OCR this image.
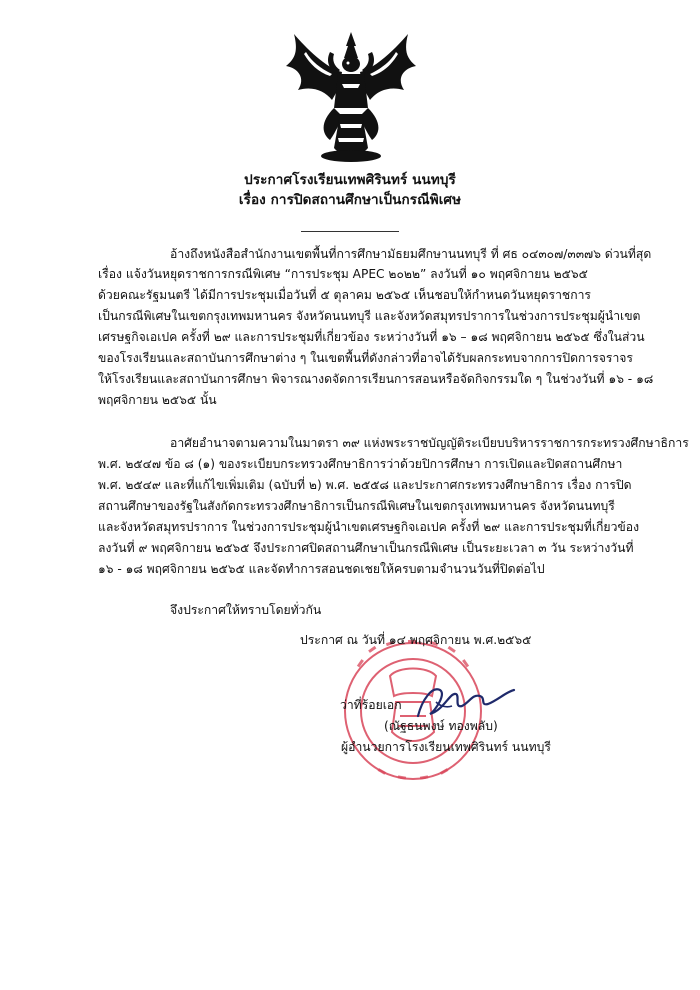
ประกาศโรงเรียนเทพศิรินทร์ นนทบุรี
เรื่อง การปิดสถานศึกษาเป็นกรณีพิเศษ
อ้างถึงหนังสือสำนักงานเขตพื้นที่การศึกษามัธยมศึกษานนทบุรี ที่ ศธ ๐๔๓๐๗/๓๓๗๖ ด่วนที่สุด
เรื่อง แจ้งวันหยุดราชการกรณีพิเศษ “การประชุม APEC ๒๐๒๒” ลงวันที่ ๑๐ พฤศจิกายน ๒๕๖๕
ด้วยคณะรัฐมนตรี ได้มีการประชุมเมื่อวันที่ ๕ ตุลาคม ๒๕๖๕ เห็นชอบให้กำหนดวันหยุดราชการ
เป็นกรณีพิเศษในเขตกรุงเทพมหานคร จังหวัดนนทบุรี และจังหวัดสมุทรปราการในช่วงการประชุมผู้นำเขต
เศรษฐกิจเอเปค ครั้งที่ ๒๙ และการประชุมที่เกี่ยวข้อง ระหว่างวันที่ ๑๖ – ๑๘ พฤศจิกายน ๒๕๖๕ ซึ่งในส่วน
ของโรงเรียนและสถาบันการศึกษาต่าง ๆ ในเขตพื้นที่ดังกล่าวที่อาจได้รับผลกระทบจากการปิดการจราจร
ให้โรงเรียนและสถาบันการศึกษา พิจารณางดจัดการเรียนการสอนหรือจัดกิจกรรมใด ๆ ในช่วงวันที่ ๑๖ - ๑๘
พฤศจิกายน ๒๕๖๕ นั้น
อาศัยอำนาจตามความในมาตรา ๓๙ แห่งพระราชบัญญัติระเบียบบริหารราชการกระทรวงศึกษาธิการ
พ.ศ. ๒๕๔๗ ข้อ ๘ (๑) ของระเบียบกระทรวงศึกษาธิการว่าด้วยปิการศึกษา การเปิดและปิดสถานศึกษา
พ.ศ. ๒๕๔๙ และที่แก้ไขเพิ่มเติม (ฉบับที่ ๒) พ.ศ. ๒๕๕๘ และประกาศกระทรวงศึกษาธิการ เรื่อง การปิด
สถานศึกษาของรัฐในสังกัดกระทรวงศึกษาธิการเป็นกรณีพิเศษในเขตกรุงเทพมหานคร จังหวัดนนทบุรี
และจังหวัดสมุทรปราการ ในช่วงการประชุมผู้นำเขตเศรษฐกิจเอเปค ครั้งที่ ๒๙ และการประชุมที่เกี่ยวข้อง
ลงวันที่ ๙ พฤศจิกายน ๒๕๖๕ จึงประกาศปิดสถานศึกษาเป็นกรณีพิเศษ เป็นระยะเวลา ๓ วัน ระหว่างวันที่
๑๖ - ๑๘ พฤศจิกายน ๒๕๖๕ และจัดทำการสอนชดเชยให้ครบตามจำนวนวันที่ปิดต่อไป
จึงประกาศให้ทราบโดยทั่วกัน
ประกาศ ณ วันที่ ๑๔ พฤศจิกายน พ.ศ.๒๕๖๕
ว่าที่ร้อยเอก
(ณัฐธนพงษ์ ทองพลับ)
ผู้อำนวยการโรงเรียนเทพศิรินทร์ นนทบุรี
